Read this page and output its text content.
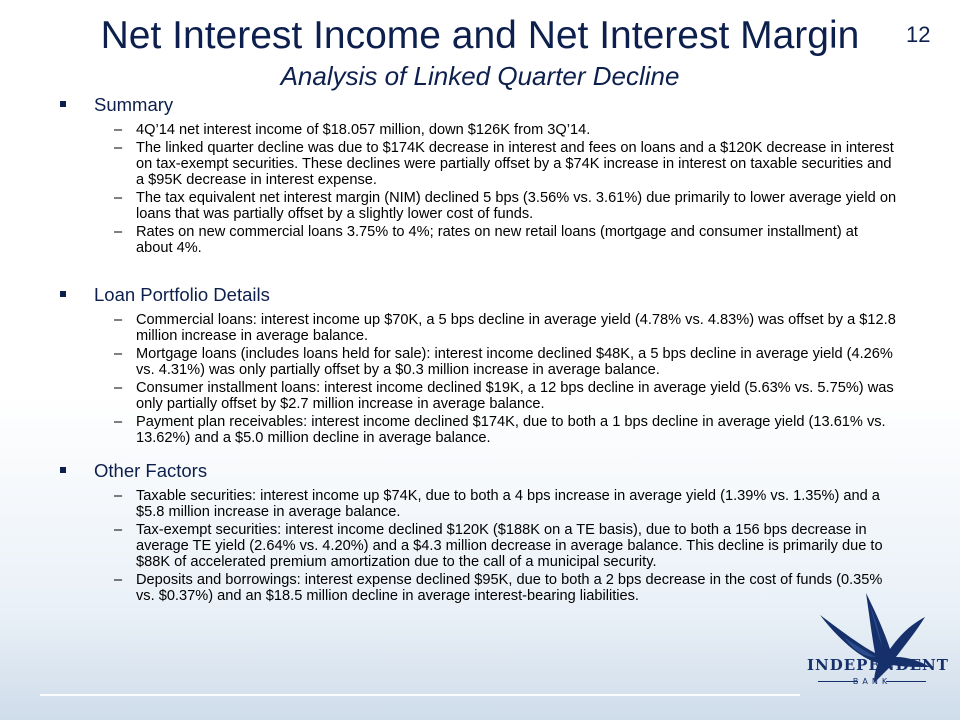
Net Interest Income and Net Interest Margin
Analysis of Linked Quarter Decline
12
Summary
– 4Q’14 net interest income of $18.057 million, down $126K from 3Q’14.
– The linked quarter decline was due to $174K decrease in interest and fees on loans and a $120K decrease in interest on tax-exempt securities. These declines were partially offset by a $74K increase in interest on taxable securities and a $95K decrease in interest expense.
– The tax equivalent net interest margin (NIM) declined 5 bps (3.56% vs. 3.61%) due primarily to lower average yield on loans that was partially offset by a slightly lower cost of funds.
– Rates on new commercial loans 3.75% to 4%; rates on new retail loans (mortgage and consumer installment) at about 4%.
Loan Portfolio Details
– Commercial loans: interest income up $70K, a 5 bps decline in average yield (4.78% vs. 4.83%) was offset by a $12.8 million increase in average balance.
– Mortgage loans (includes loans held for sale): interest income declined $48K, a 5 bps decline in average yield (4.26% vs. 4.31%) was only partially offset by a $0.3 million increase in average balance.
– Consumer installment loans: interest income declined $19K, a 12 bps decline in average yield (5.63% vs. 5.75%) was only partially offset by $2.7 million increase in average balance.
– Payment plan receivables: interest income declined $174K, due to both a 1 bps decline in average yield (13.61% vs. 13.62%) and a $5.0 million decline in average balance.
Other Factors
– Taxable securities: interest income up $74K, due to both a 4 bps increase in average yield (1.39% vs. 1.35%) and a $5.8 million increase in average balance.
– Tax-exempt securities: interest income declined $120K ($188K on a TE basis), due to both a 156 bps decrease in average TE yield (2.64% vs. 4.20%) and a $4.3 million decrease in average balance. This decline is primarily due to $88K of accelerated premium amortization due to the call of a municipal security.
– Deposits and borrowings: interest expense declined $95K, due to both a 2 bps decrease in the cost of funds (0.35% vs. $0.37%) and an $18.5 million decline in average interest-bearing liabilities.
INDEPENDENT
BANK
